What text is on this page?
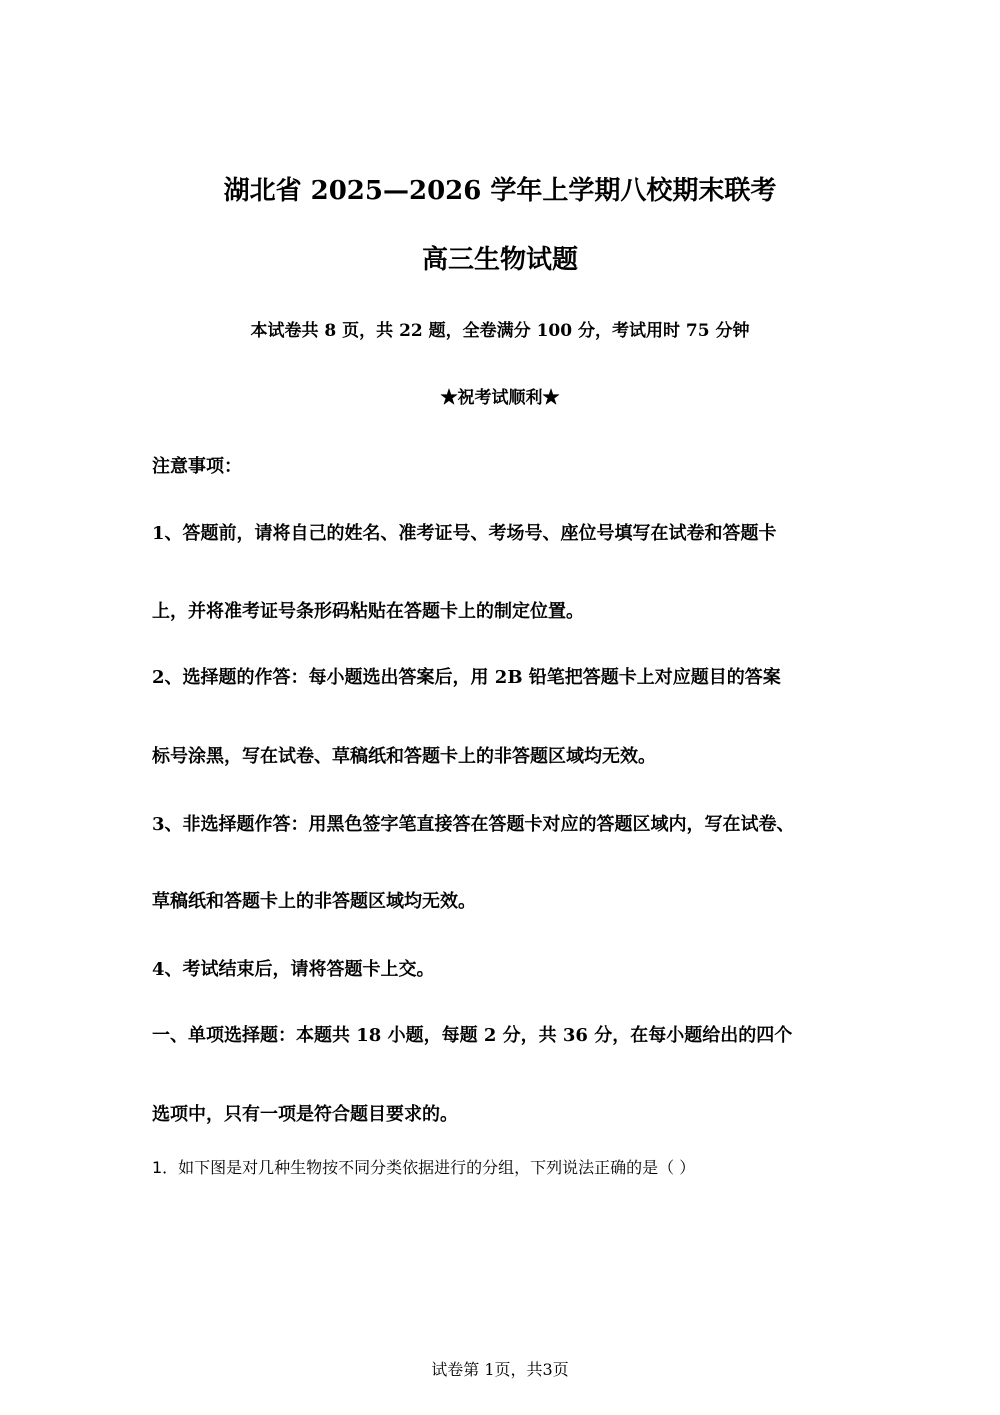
湖北省 2025—2026 学年上学期八校期末联考
高三生物试题
本试卷共 8 页，共 22 题，全卷满分 100 分，考试用时 75 分钟
★祝考试顺利★
注意事项：
1、答题前，请将自己的姓名、准考证号、考场号、座位号填写在试卷和答题卡
上，并将准考证号条形码粘贴在答题卡上的制定位置。
2、选择题的作答：每小题选出答案后，用 2B 铅笔把答题卡上对应题目的答案
标号涂黑，写在试卷、草稿纸和答题卡上的非答题区域均无效。
3、非选择题作答：用黑色签字笔直接答在答题卡对应的答题区域内，写在试卷、
草稿纸和答题卡上的非答题区域均无效。
4、考试结束后，请将答题卡上交。
一、单项选择题：本题共 18 小题，每题 2 分，共 36 分，在每小题给出的四个
选项中，只有一项是符合题目要求的。
1．如下图是对几种生物按不同分类依据进行的分组，下列说法正确的是（ ）
试卷第 1页，共3页
